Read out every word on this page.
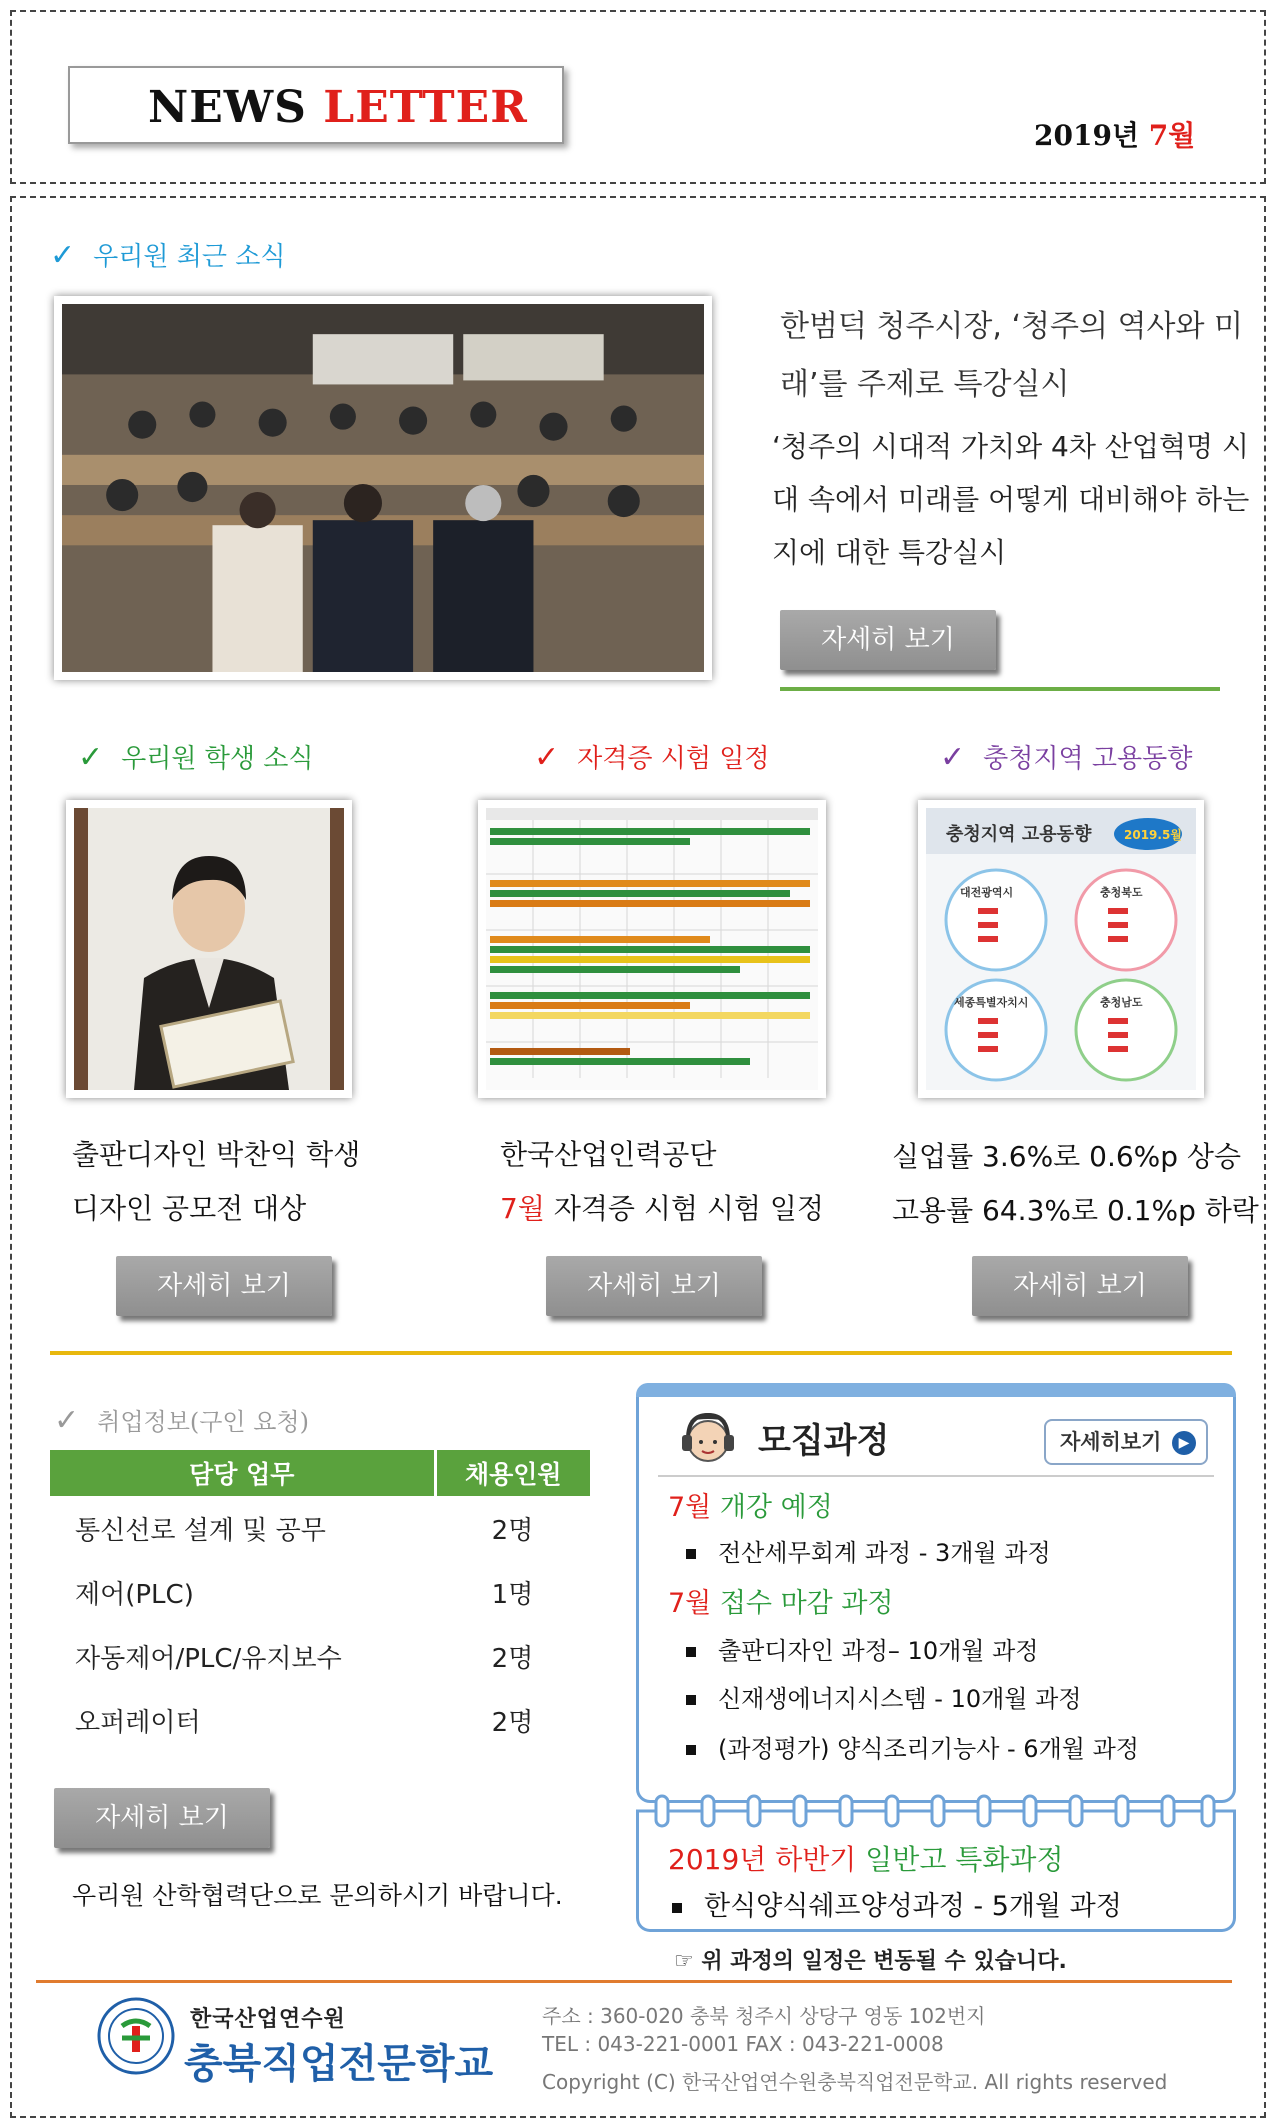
NEWS LETTER
2019년 7월
✓ 우리원 최근 소식
한범덕 청주시장, ‘청주의 역사와 미래’를 주제로 특강실시
‘청주의 시대적 가치와 4차 산업혁명 시대 속에서 미래를 어떻게 대비해야 하는지에 대한 특강실시
자세히 보기
✓ 우리원 학생 소식	✓ 자격증 시험 일정	✓ 충청지역 고용동향
충청지역 고용동향	2019.5월
대전광역시	충청북도
세종특별자치시	충청남도
출판디자인 박찬익 학생
디자인 공모전 대상
한국산업인력공단
7월 자격증 시험 시험 일정
실업률 3.6%로 0.6%p 상승
고용률 64.3%로 0.1%p 하락
자세히 보기	자세히 보기	자세히 보기
✓ 취업정보(구인 요청)
담당 업무	채용인원
통신선로 설계 및 공무	2명
제어(PLC)	1명
자동제어/PLC/유지보수	2명
오퍼레이터	2명
자세히 보기
우리원 산학협력단으로 문의하시기 바랍니다.
모집과정	자세히보기	▶
7월 개강 예정
전산세무회계 과정 - 3개월 과정
7월 접수 마감 과정
출판디자인 과정– 10개월 과정
신재생에너지시스템 - 10개월 과정
(과정평가) 양식조리기능사 - 6개월 과정
2019년 하반기 일반고 특화과정
한식양식쉐프양성과정 - 5개월 과정
☞ 위 과정의 일정은 변동될 수 있습니다.
한국산업연수원
충북직업전문학교
주소 : 360-020 충북 청주시 상당구 영동 102번지
TEL : 043-221-0001 FAX : 043-221-0008
Copyright (C) 한국산업연수원충북직업전문학교. All rights reserved
